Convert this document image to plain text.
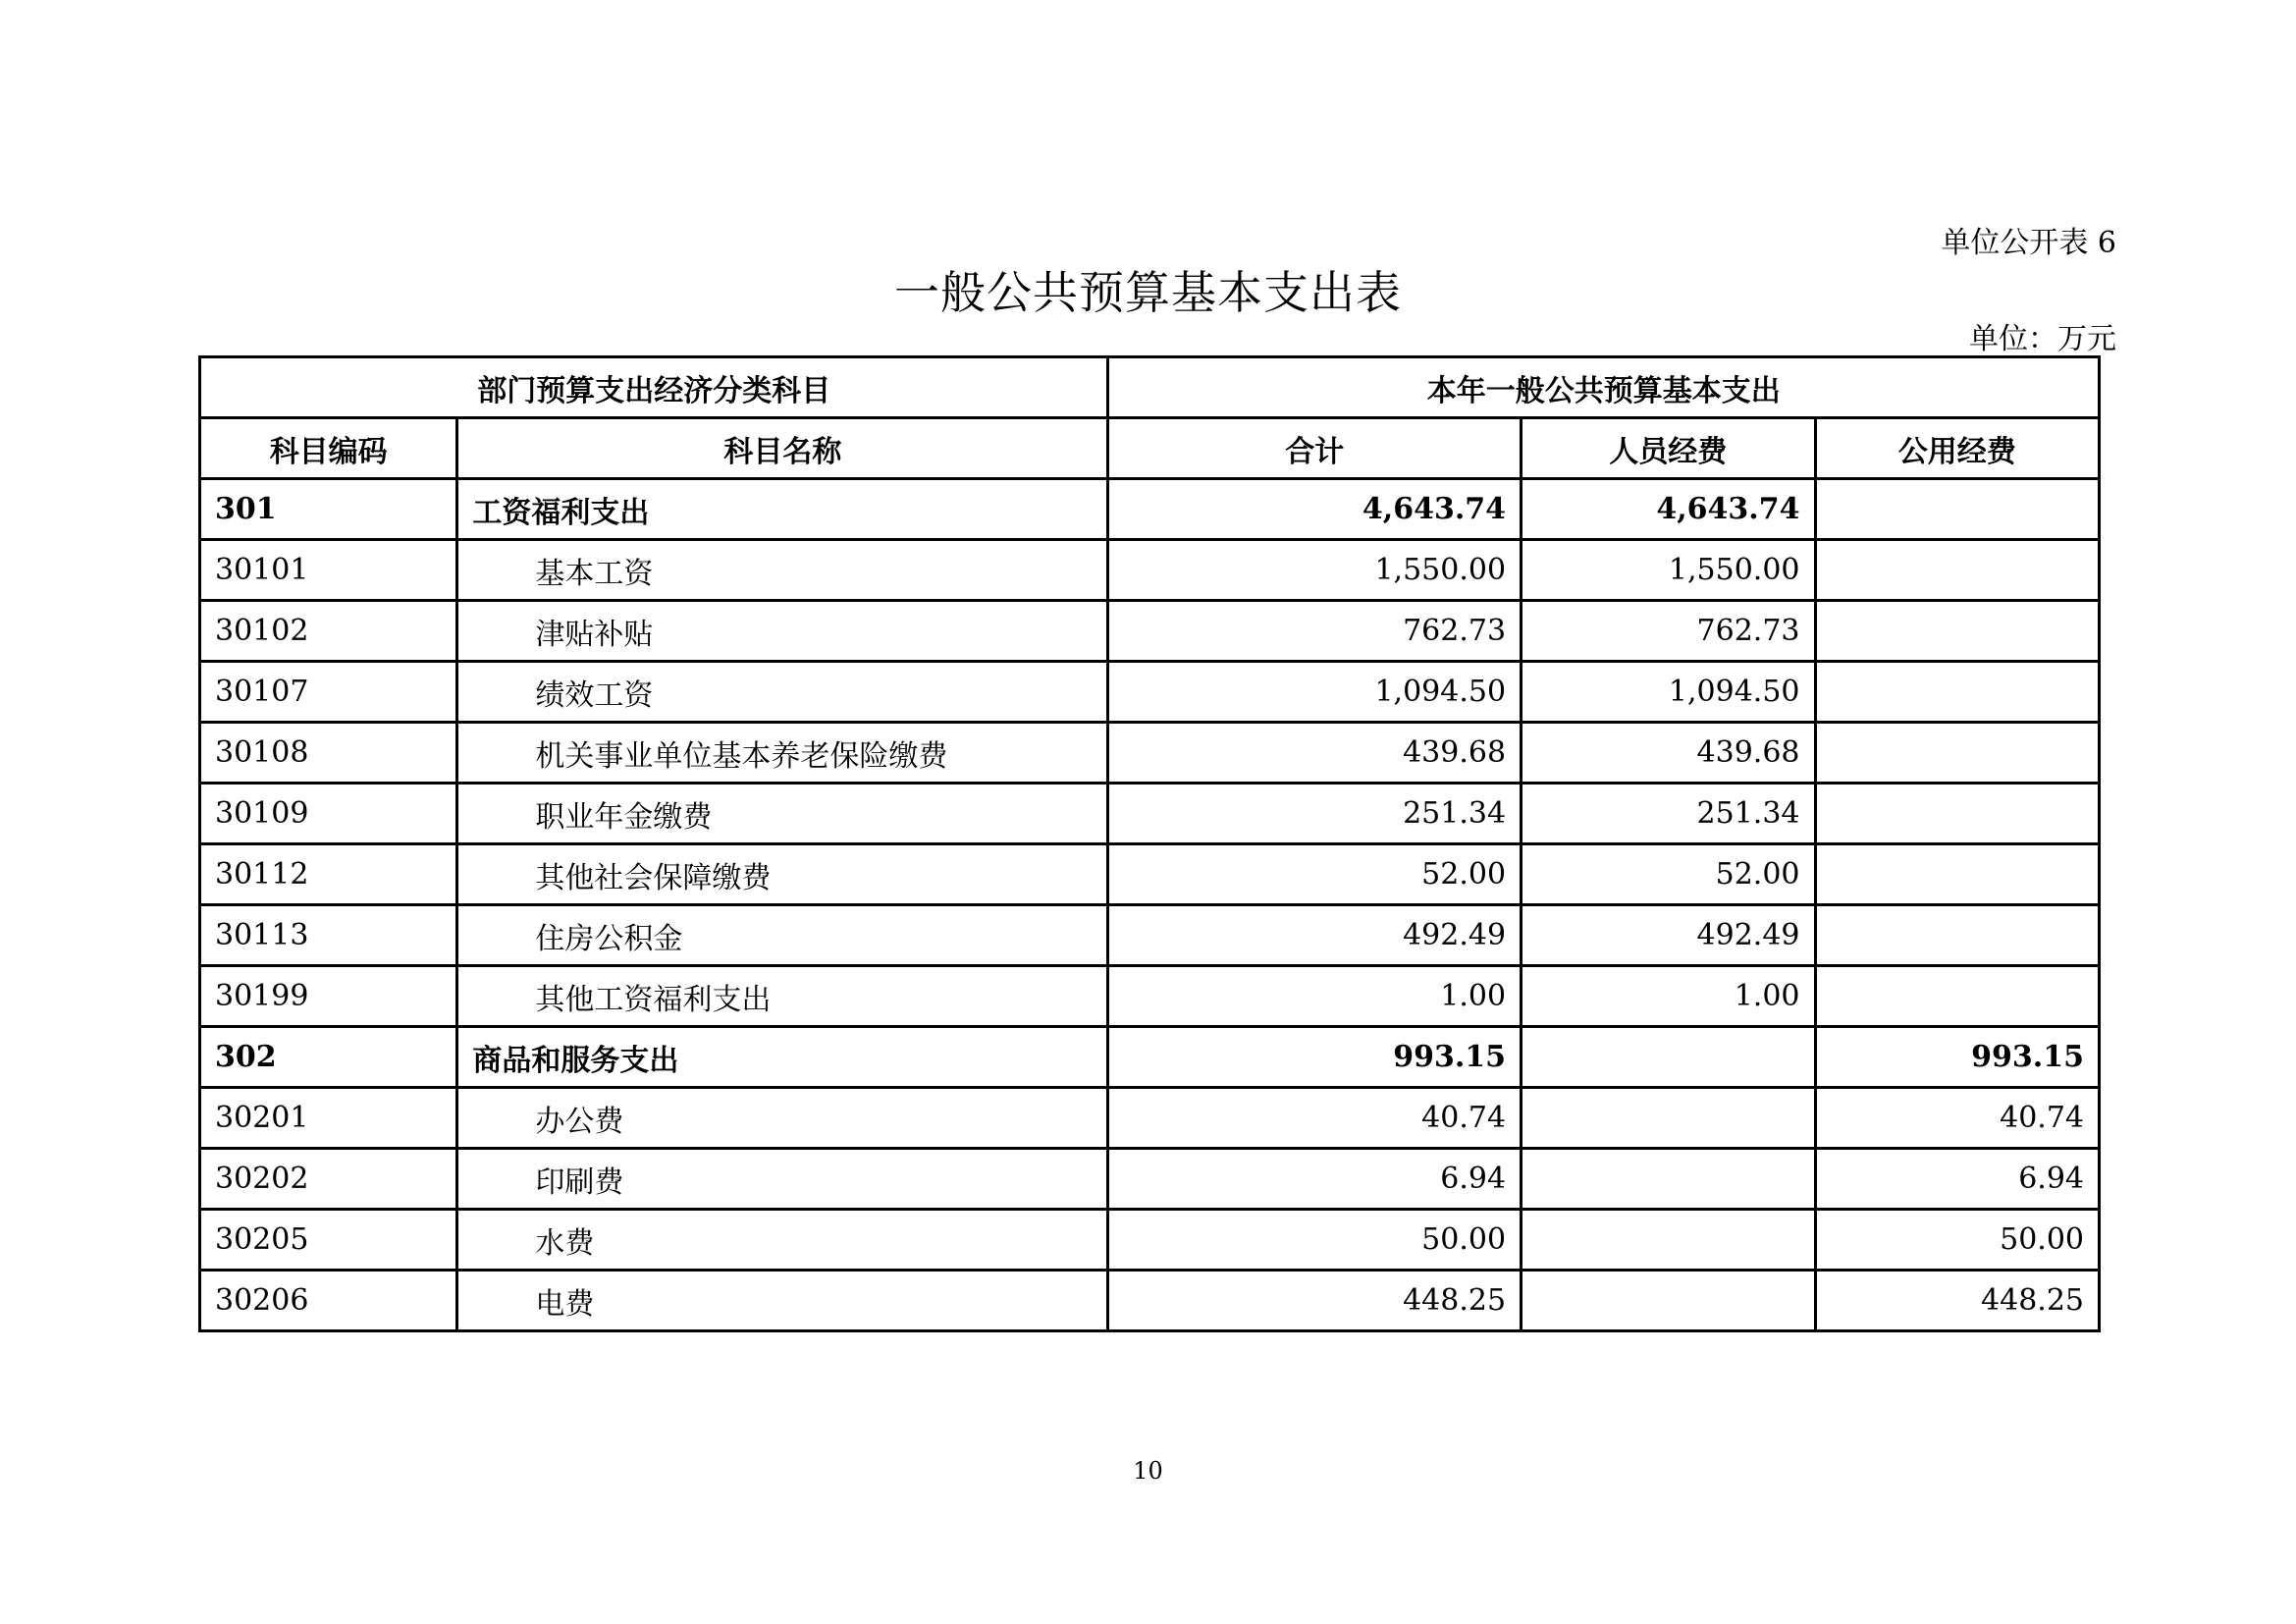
单位公开表 6
一般公共预算基本支出表
单位：万元
部门预算支出经济分类科目		本年一般公共预算基本支出		
科目编码	科目名称	合计	人员经费	公用经费
301	工资福利支出	4,643.74	4,643.74	
30101	基本工资	1,550.00	1,550.00	
30102	津贴补贴	762.73	762.73	
30107	绩效工资	1,094.50	1,094.50	
30108	机关事业单位基本养老保险缴费	439.68	439.68	
30109	职业年金缴费	251.34	251.34	
30112	其他社会保障缴费	52.00	52.00	
30113	住房公积金	492.49	492.49	
30199	其他工资福利支出	1.00	1.00	
302	商品和服务支出	993.15		993.15
30201	办公费	40.74		40.74
30202	印刷费	6.94		6.94
30205	水费	50.00		50.00
30206	电费	448.25		448.25
10
